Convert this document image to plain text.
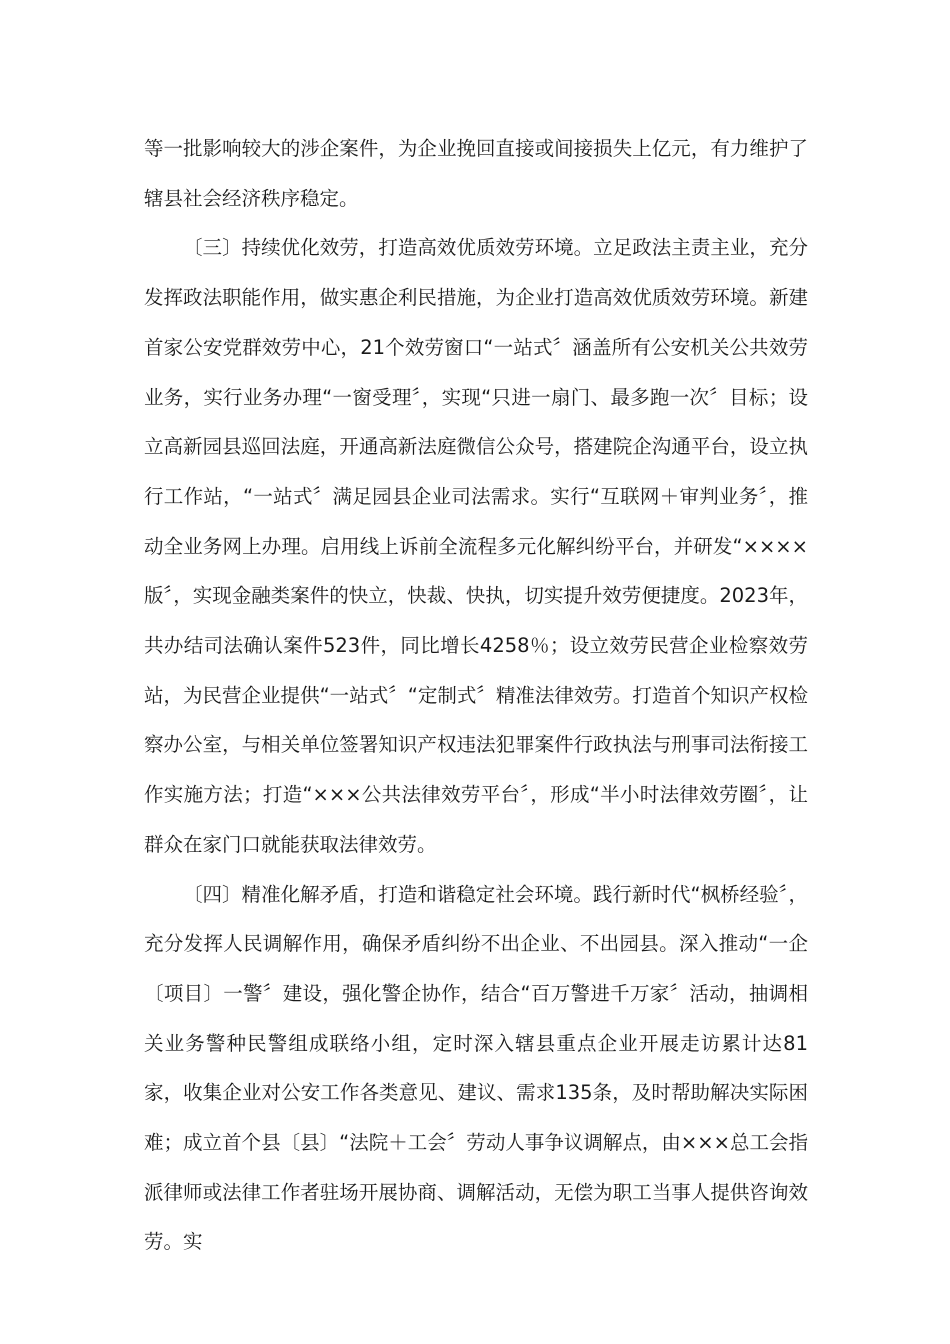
等一批影响较大的涉企案件，为企业挽回直接或间接损失上亿元，有力维护了辖县社会经济秩序稳定。

〔三〕持续优化效劳，打造高效优质效劳环境。立足政法主责主业，充分发挥政法职能作用，做实惠企利民措施，为企业打造高效优质效劳环境。新建首家公安党群效劳中心，21个效劳窗口“一站式〞涵盖所有公安机关公共效劳业务，实行业务办理“一窗受理〞，实现“只进一扇门、最多跑一次〞目标；设立高新园县巡回法庭，开通高新法庭微信公众号，搭建院企沟通平台，设立执行工作站，“一站式〞满足园县企业司法需求。实行“互联网＋审判业务〞，推动全业务网上办理。启用线上诉前全流程多元化解纠纷平台，并研发“××××版〞，实现金融类案件的快立，快裁、快执，切实提升效劳便捷度。2023年，共办结司法确认案件523件，同比增长4258％；设立效劳民营企业检察效劳站，为民营企业提供“一站式〞“定制式〞精准法律效劳。打造首个知识产权检察办公室，与相关单位签署知识产权违法犯罪案件行政执法与刑事司法衔接工作实施方法；打造“×××公共法律效劳平台〞，形成“半小时法律效劳圈〞，让群众在家门口就能获取法律效劳。

〔四〕精准化解矛盾，打造和谐稳定社会环境。践行新时代“枫桥经验〞，充分发挥人民调解作用，确保矛盾纠纷不出企业、不出园县。深入推动“一企〔项目〕一警〞建设，强化警企协作，结合“百万警进千万家〞活动，抽调相关业务警种民警组成联络小组，定时深入辖县重点企业开展走访累计达81家，收集企业对公安工作各类意见、建议、需求135条，及时帮助解决实际困难；成立首个县〔县〕“法院＋工会〞劳动人事争议调解点，由×××总工会指派律师或法律工作者驻场开展协商、调解活动，无偿为职工当事人提供咨询效劳。实
